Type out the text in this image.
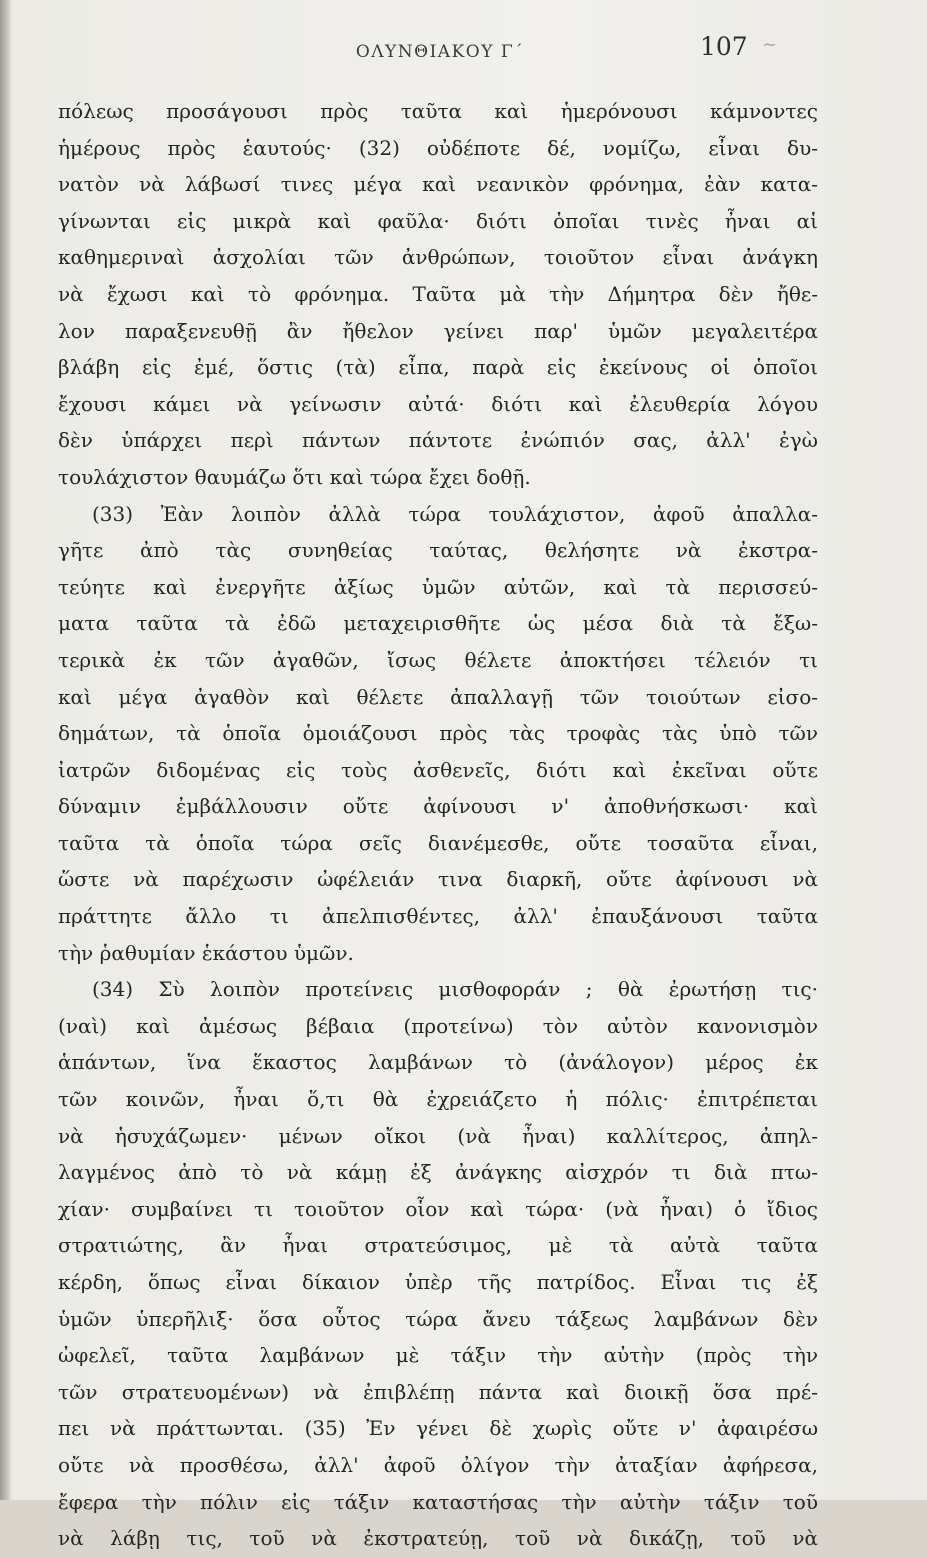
ΟΛΥΝΘΙΑΚΟΥ Γ΄	107 ~
πόλεως προσάγουσι πρὸς ταῦτα καὶ ἡμερόνουσι κάμνοντες
ἡμέρους πρὸς ἑαυτούς· (32) οὐδέποτε δέ, νομίζω, εἶναι δυ-
νατὸν νὰ λάβωσί τινες μέγα καὶ νεανικὸν φρόνημα, ἐὰν κατα-
γίνωνται εἰς μικρὰ καὶ φαῦλα· διότι ὁποῖαι τινὲς ἦναι αἱ
καθημεριναὶ ἀσχολίαι τῶν ἀνθρώπων, τοιοῦτον εἶναι ἀνάγκη
νὰ ἔχωσι καὶ τὸ φρόνημα. Ταῦτα μὰ τὴν Δήμητρα δὲν ἤθε-
λον παραξενευθῇ ἂν ἤθελον γείνει παρ' ὑμῶν μεγαλειτέρα
βλάβη εἰς ἐμέ, ὅστις (τὰ) εἶπα, παρὰ εἰς ἐκείνους οἱ ὁποῖοι
ἔχουσι κάμει νὰ γείνωσιν αὐτά· διότι καὶ ἐλευθερία λόγου
δὲν ὑπάρχει περὶ πάντων πάντοτε ἐνώπιόν σας, ἀλλ' ἐγὼ
τουλάχιστον θαυμάζω ὅτι καὶ τώρα ἔχει δοθῇ.
(33) Ἐὰν λοιπὸν ἀλλὰ τώρα τουλάχιστον, ἀφοῦ ἀπαλλα-
γῆτε ἀπὸ τὰς συνηθείας ταύτας, θελήσητε νὰ ἐκστρα-
τεύητε καὶ ἐνεργῆτε ἀξίως ὑμῶν αὐτῶν, καὶ τὰ περισσεύ-
ματα ταῦτα τὰ ἐδῶ μεταχειρισθῆτε ὡς μέσα διὰ τὰ ἔξω-
τερικὰ ἐκ τῶν ἀγαθῶν, ἴσως θέλετε ἀποκτήσει τέλειόν τι
καὶ μέγα ἀγαθὸν καὶ θέλετε ἀπαλλαγῇ τῶν τοιούτων εἰσο-
δημάτων, τὰ ὁποῖα ὁμοιάζουσι πρὸς τὰς τροφὰς τὰς ὑπὸ τῶν
ἰατρῶν διδομένας εἰς τοὺς ἀσθενεῖς, διότι καὶ ἐκεῖναι οὔτε
δύναμιν ἐμβάλλουσιν οὔτε ἀφίνουσι ν' ἀποθνήσκωσι· καὶ
ταῦτα τὰ ὁποῖα τώρα σεῖς διανέμεσθε, οὔτε τοσαῦτα εἶναι,
ὥστε νὰ παρέχωσιν ὠφέλειάν τινα διαρκῆ, οὔτε ἀφίνουσι νὰ
πράττητε ἄλλο τι ἀπελπισθέντες, ἀλλ' ἐπαυξάνουσι ταῦτα
τὴν ῥαθυμίαν ἑκάστου ὑμῶν.
(34) Σὺ λοιπὸν προτείνεις μισθοφοράν ; θὰ ἐρωτήσῃ τις·
(ναὶ) καὶ ἀμέσως βέβαια (προτείνω) τὸν αὐτὸν κανονισμὸν
ἁπάντων, ἵνα ἕκαστος λαμβάνων τὸ (ἀνάλογον) μέρος ἐκ
τῶν κοινῶν, ἦναι ὅ,τι θὰ ἐχρειάζετο ἡ πόλις· ἐπιτρέπεται
νὰ ἡσυχάζωμεν· μένων οἴκοι (νὰ ἦναι) καλλίτερος, ἀπηλ-
λαγμένος ἀπὸ τὸ νὰ κάμῃ ἐξ ἀνάγκης αἰσχρόν τι διὰ πτω-
χίαν· συμβαίνει τι τοιοῦτον οἷον καὶ τώρα· (νὰ ἦναι) ὁ ἴδιος
στρατιώτης, ἂν ἦναι στρατεύσιμος, μὲ τὰ αὐτὰ ταῦτα
κέρδη, ὅπως εἶναι δίκαιον ὑπὲρ τῆς πατρίδος. Εἶναι τις ἐξ
ὑμῶν ὑπερῆλιξ· ὅσα οὗτος τώρα ἄνευ τάξεως λαμβάνων δὲν
ὠφελεῖ, ταῦτα λαμβάνων μὲ τάξιν τὴν αὐτὴν (πρὸς τὴν
τῶν στρατευομένων) νὰ ἐπιβλέπῃ πάντα καὶ διοικῇ ὅσα πρέ-
πει νὰ πράττωνται. (35) Ἐν γένει δὲ χωρὶς οὔτε ν' ἀφαιρέσω
οὔτε νὰ προσθέσω, ἀλλ' ἀφοῦ ὀλίγον τὴν ἀταξίαν ἀφήρεσα,
ἔφερα τὴν πόλιν εἰς τάξιν καταστήσας τὴν αὐτὴν τάξιν τοῦ
νὰ λάβῃ τις, τοῦ νὰ ἐκστρατεύῃ, τοῦ νὰ δικάζῃ, τοῦ νὰ
